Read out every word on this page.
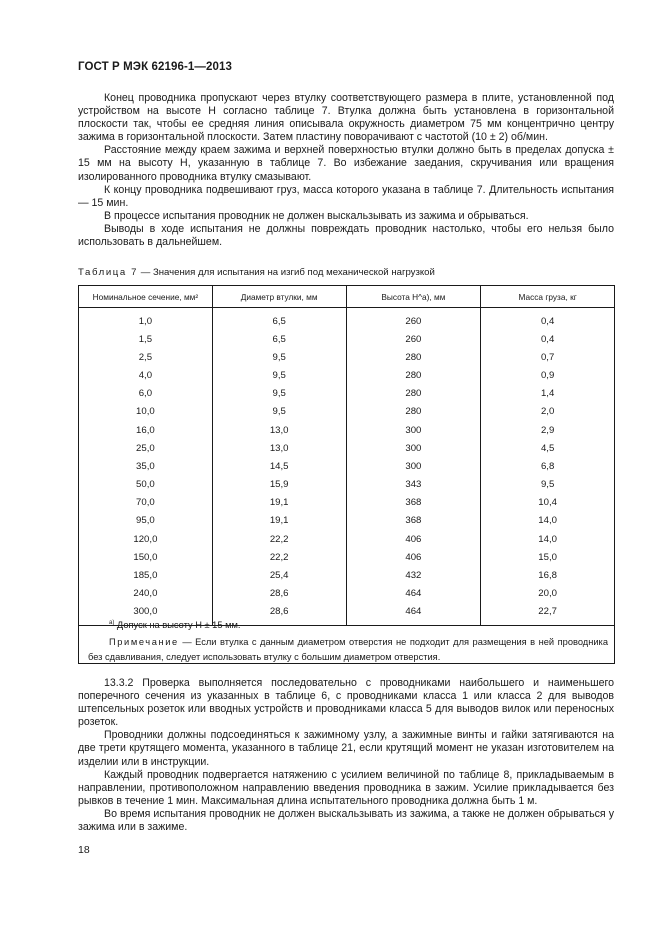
ГОСТ Р МЭК 62196-1—2013

Конец проводника пропускают через втулку соответствующего размера в плите, установленной под устройством на высоте H согласно таблице 7. Втулка должна быть установлена в горизонтальной плоскости так, чтобы ее средняя линия описывала окружность диаметром 75 мм концентрично центру зажима в горизонтальной плоскости. Затем пластину поворачивают с частотой (10 ± 2) об/мин.

Расстояние между краем зажима и верхней поверхностью втулки должно быть в пределах допуска ± 15 мм на высоту H, указанную в таблице 7. Во избежание заедания, скручивания или вращения изолированного проводника втулку смазывают.

К концу проводника подвешивают груз, масса которого указана в таблице 7. Длительность испытания — 15 мин.

В процессе испытания проводник не должен выскальзывать из зажима и обрываться.

Выводы в ходе испытания не должны повреждать проводник настолько, чтобы его нельзя было использовать в дальнейшем.

Таблица 7 — Значения для испытания на изгиб под механической нагрузкой
Номинальное сечение, мм²	Диаметр втулки, мм	Высота Н^a), мм	Масса груза, кг
1,0	6,5	260	0,4
1,5	6,5	260	0,4
2,5	9,5	280	0,7
4,0	9,5	280	0,9
6,0	9,5	280	1,4
10,0	9,5	280	2,0
16,0	13,0	300	2,9
25,0	13,0	300	4,5
35,0	14,5	300	6,8
50,0	15,9	343	9,5
70,0	19,1	368	10,4
95,0	19,1	368	14,0
120,0	22,2	406	14,0
150,0	22,2	406	15,0
185,0	25,4	432	16,8
240,0	28,6	464	20,0
300,0	28,6	464	22,7
$^{a)}$ Допуск на высоту H ± 15 мм.
Примечание — Если втулка с данным диаметром отверстия не подходит для размещения в ней проводника без сдавливания, следует использовать втулку с большим диаметром отверстия.

13.3.2 Проверка выполняется последовательно с проводниками наибольшего и наименьшего поперечного сечения из указанных в таблице 6, с проводниками класса 1 или класса 2 для выводов штепсельных розеток или вводных устройств и проводниками класса 5 для выводов вилок или переносных розеток.

Проводники должны подсоединяться к зажимному узлу, а зажимные винты и гайки затягиваются на две трети крутящего момента, указанного в таблице 21, если крутящий момент не указан изготовителем на изделии или в инструкции.

Каждый проводник подвергается натяжению с усилием величиной по таблице 8, прикладываемым в направлении, противоположном направлению введения проводника в зажим. Усилие прикладывается без рывков в течение 1 мин. Максимальная длина испытательного проводника должна быть 1 м.

Во время испытания проводник не должен выскальзывать из зажима, а также не должен обрываться у зажима или в зажиме.

18
